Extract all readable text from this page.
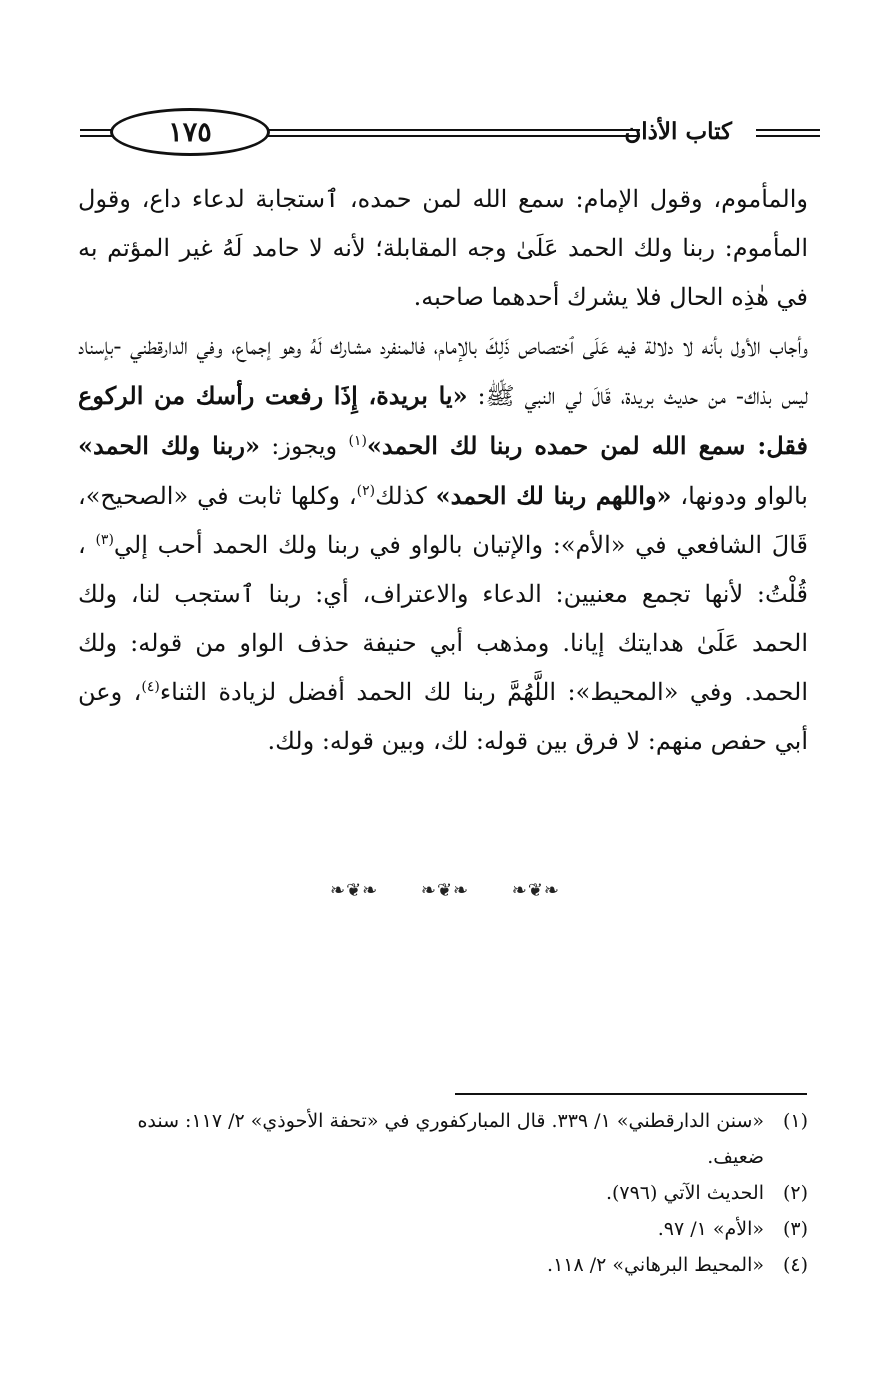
١٧٥	كتاب الأذان

والمأموم، وقول الإمام: سمع الله لمن حمده، ٱستجابة لدعاء داع، وقول المأموم: ربنا ولك الحمد عَلَىٰ وجه المقابلة؛ لأنه لا حامد لَهُ غير المؤتم به في هٰذِه الحال فلا يشرك أحدهما صاحبه.

وأجاب الأول بأنه لا دلالة فيه عَلَى ٱختصاص ذَلِكَ بالإمام، فالمنفرد مشارك لَهُ وهو إجماع، وفي الدارقطني -بإسناد ليس بذاك- من حديث بريدة، قَالَ لي النبي ﷺ: «يا بريدة، إِذَا رفعت رأسك من الركوع فقل: سمع الله لمن حمده ربنا لك الحمد»$^{(١)}$ ويجوز: «ربنا ولك الحمد» بالواو ودونها، «واللهم ربنا لك الحمد» كذلك$^{(٢)}$، وكلها ثابت في «الصحيح»، قَالَ الشافعي في «الأم»: والإتيان بالواو في ربنا ولك الحمد أحب إلي$^{(٣)}$ ، قُلْتُ: لأنها تجمع معنيين: الدعاء والاعتراف، أي: ربنا ٱستجب لنا، ولك الحمد عَلَىٰ هدايتك إيانا. ومذهب أبي حنيفة حذف الواو من قوله: ولك الحمد. وفي «المحيط»: اللَّهُمَّ ربنا لك الحمد أفضل لزيادة الثناء$^{(٤)}$، وعن أبي حفص منهم: لا فرق بين قوله: لك، وبين قوله: ولك.

❧❦❧ ❧❦❧ ❧❦❧
(١)
«سنن الدارقطني» ١/ ٣٣٩. قال المباركفوري في «تحفة الأحوذي» ٢/ ١١٧: سنده ضعيف.
(٢)
الحديث الآتي (٧٩٦).
(٣)
«الأم» ١/ ٩٧.
(٤)
«المحيط البرهاني» ٢/ ١١٨.
